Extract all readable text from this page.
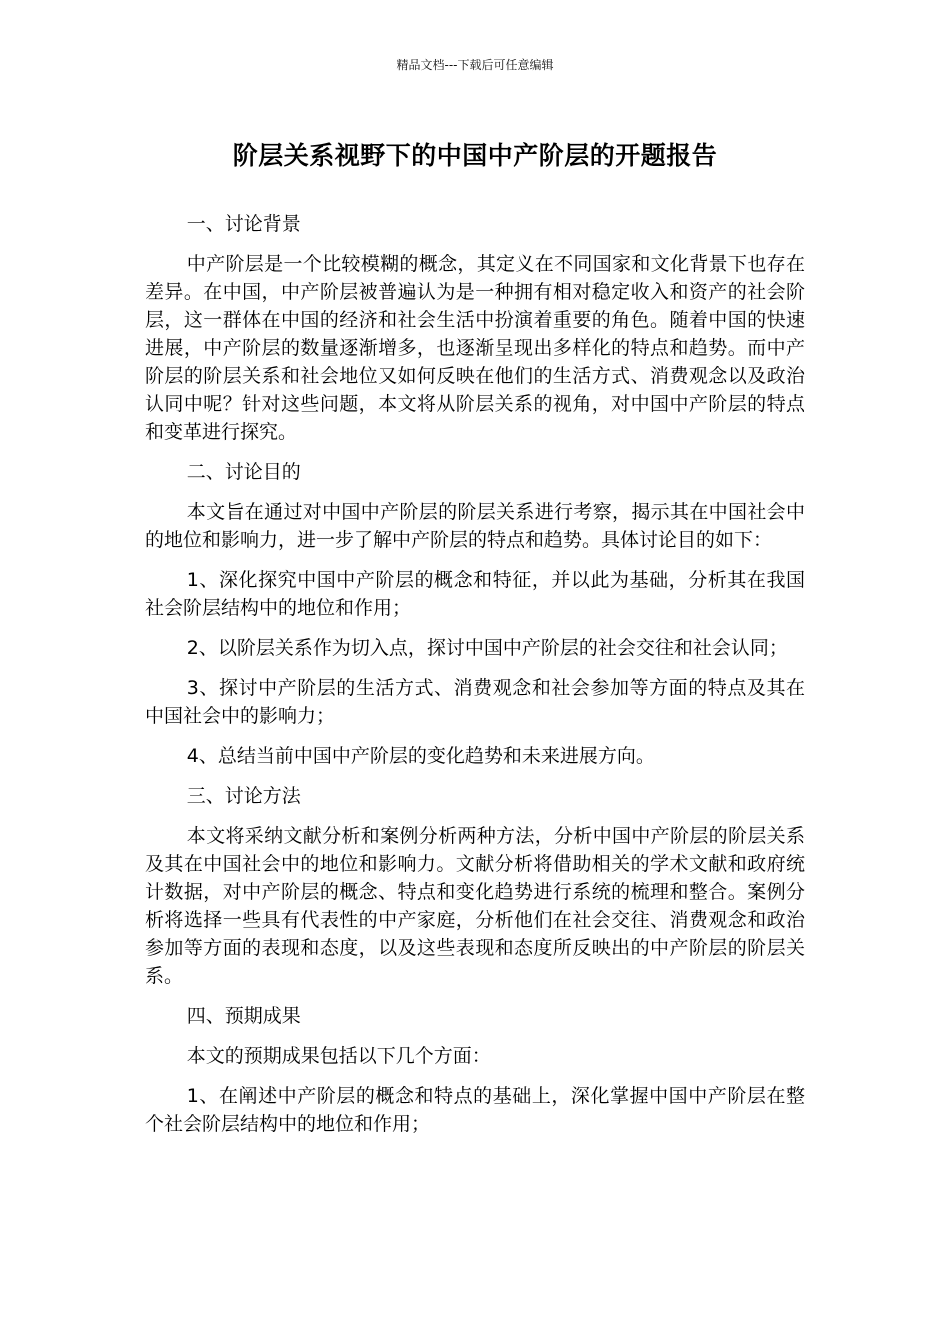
精品文档---下载后可任意编辑
阶层关系视野下的中国中产阶层的开题报告

一、讨论背景

中产阶层是一个比较模糊的概念，其定义在不同国家和文化背景下也存在差异。在中国，中产阶层被普遍认为是一种拥有相对稳定收入和资产的社会阶层，这一群体在中国的经济和社会生活中扮演着重要的角色。随着中国的快速进展，中产阶层的数量逐渐增多，也逐渐呈现出多样化的特点和趋势。而中产阶层的阶层关系和社会地位又如何反映在他们的生活方式、消费观念以及政治认同中呢？针对这些问题，本文将从阶层关系的视角，对中国中产阶层的特点和变革进行探究。

二、讨论目的

本文旨在通过对中国中产阶层的阶层关系进行考察，揭示其在中国社会中的地位和影响力，进一步了解中产阶层的特点和趋势。具体讨论目的如下：

1、深化探究中国中产阶层的概念和特征，并以此为基础，分析其在我国社会阶层结构中的地位和作用；

2、以阶层关系作为切入点，探讨中国中产阶层的社会交往和社会认同；

3、探讨中产阶层的生活方式、消费观念和社会参加等方面的特点及其在中国社会中的影响力；

4、总结当前中国中产阶层的变化趋势和未来进展方向。

三、讨论方法

本文将采纳文献分析和案例分析两种方法，分析中国中产阶层的阶层关系及其在中国社会中的地位和影响力。文献分析将借助相关的学术文献和政府统计数据，对中产阶层的概念、特点和变化趋势进行系统的梳理和整合。案例分析将选择一些具有代表性的中产家庭，分析他们在社会交往、消费观念和政治参加等方面的表现和态度，以及这些表现和态度所反映出的中产阶层的阶层关系。

四、预期成果

本文的预期成果包括以下几个方面：

1、在阐述中产阶层的概念和特点的基础上，深化掌握中国中产阶层在整个社会阶层结构中的地位和作用；
